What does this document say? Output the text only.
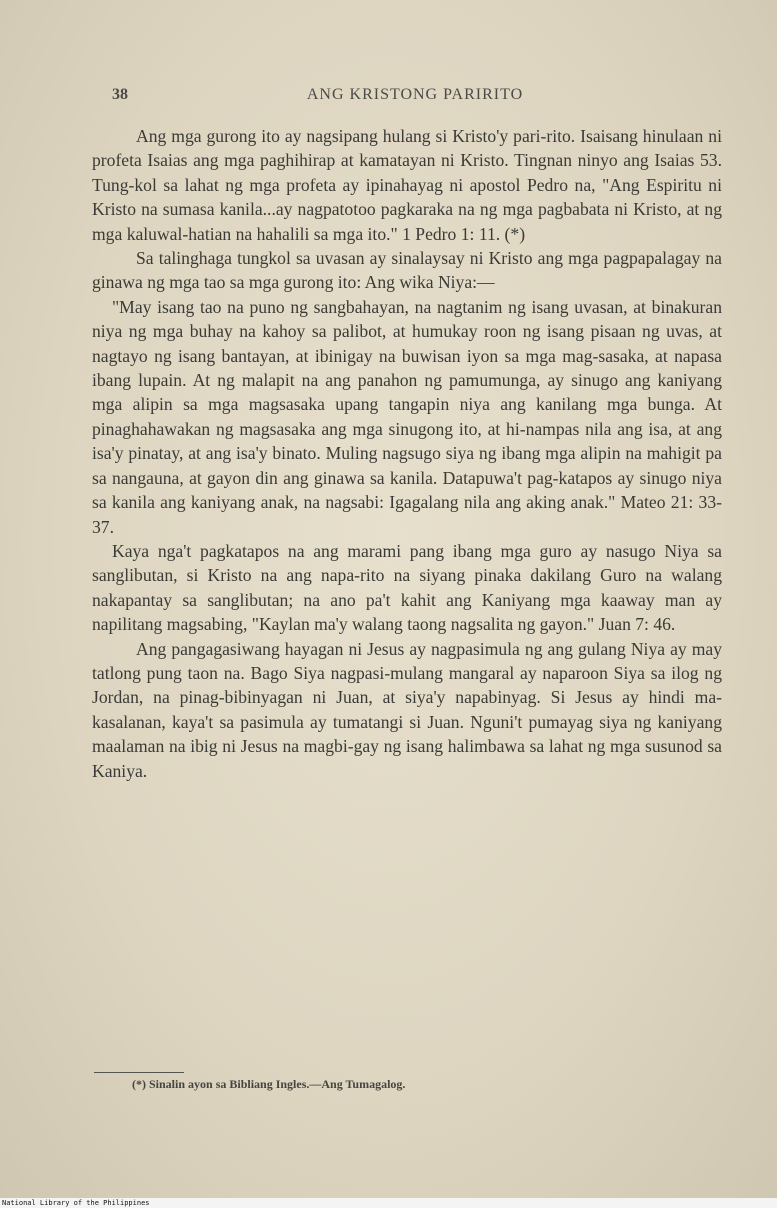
38	ANG KRISTONG PARIRITO

Ang mga gurong ito ay nagsipang hulang si Kristo'y pari-rito. Isaisang hinulaan ni profeta Isaias ang mga paghihirap at kamatayan ni Kristo. Tingnan ninyo ang Isaias 53. Tung-kol sa lahat ng mga profeta ay ipinahayag ni apostol Pedro na, "Ang Espiritu ni Kristo na sumasa kanila...ay nagpatotoo pagkaraka na ng mga pagbabata ni Kristo, at ng mga kaluwal-hatian na hahalili sa mga ito." 1 Pedro 1: 11. (*)

Sa talinghaga tungkol sa uvasan ay sinalaysay ni Kristo ang mga pagpapalagay na ginawa ng mga tao sa mga gurong ito: Ang wika Niya:—

"May isang tao na puno ng sangbahayan, na nagtanim ng isang uvasan, at binakuran niya ng mga buhay na kahoy sa palibot, at humukay roon ng isang pisaan ng uvas, at nagtayo ng isang bantayan, at ibinigay na buwisan iyon sa mga mag-sasaka, at napasa ibang lupain. At ng malapit na ang panahon ng pamumunga, ay sinugo ang kaniyang mga alipin sa mga magsasaka upang tangapin niya ang kanilang mga bunga. At pinaghahawakan ng magsasaka ang mga sinugong ito, at hi-nampas nila ang isa, at ang isa'y pinatay, at ang isa'y binato. Muling nagsugo siya ng ibang mga alipin na mahigit pa sa nangauna, at gayon din ang ginawa sa kanila. Datapuwa't pag-katapos ay sinugo niya sa kanila ang kaniyang anak, na nagsabi: Igagalang nila ang aking anak." Mateo 21: 33-37.

Kaya nga't pagkatapos na ang marami pang ibang mga guro ay nasugo Niya sa sanglibutan, si Kristo na ang napa-rito na siyang pinaka dakilang Guro na walang nakapantay sa sanglibutan; na ano pa't kahit ang Kaniyang mga kaaway man ay napilitang magsabing, "Kaylan ma'y walang taong nagsalita ng gayon." Juan 7: 46.

Ang pangagasiwang hayagan ni Jesus ay nagpasimula ng ang gulang Niya ay may tatlong pung taon na. Bago Siya nagpasi-mulang mangaral ay naparoon Siya sa ilog ng Jordan, na pinag-bibinyagan ni Juan, at siya'y napabinyag. Si Jesus ay hindi ma-kasalanan, kaya't sa pasimula ay tumatangi si Juan. Nguni't pumayag siya ng kaniyang maalaman na ibig ni Jesus na magbi-gay ng isang halimbawa sa lahat ng mga susunod sa Kaniya.

(*) Sinalin ayon sa Bibliang Ingles.—Ang Tumagalog.
National Library of the Philippines
